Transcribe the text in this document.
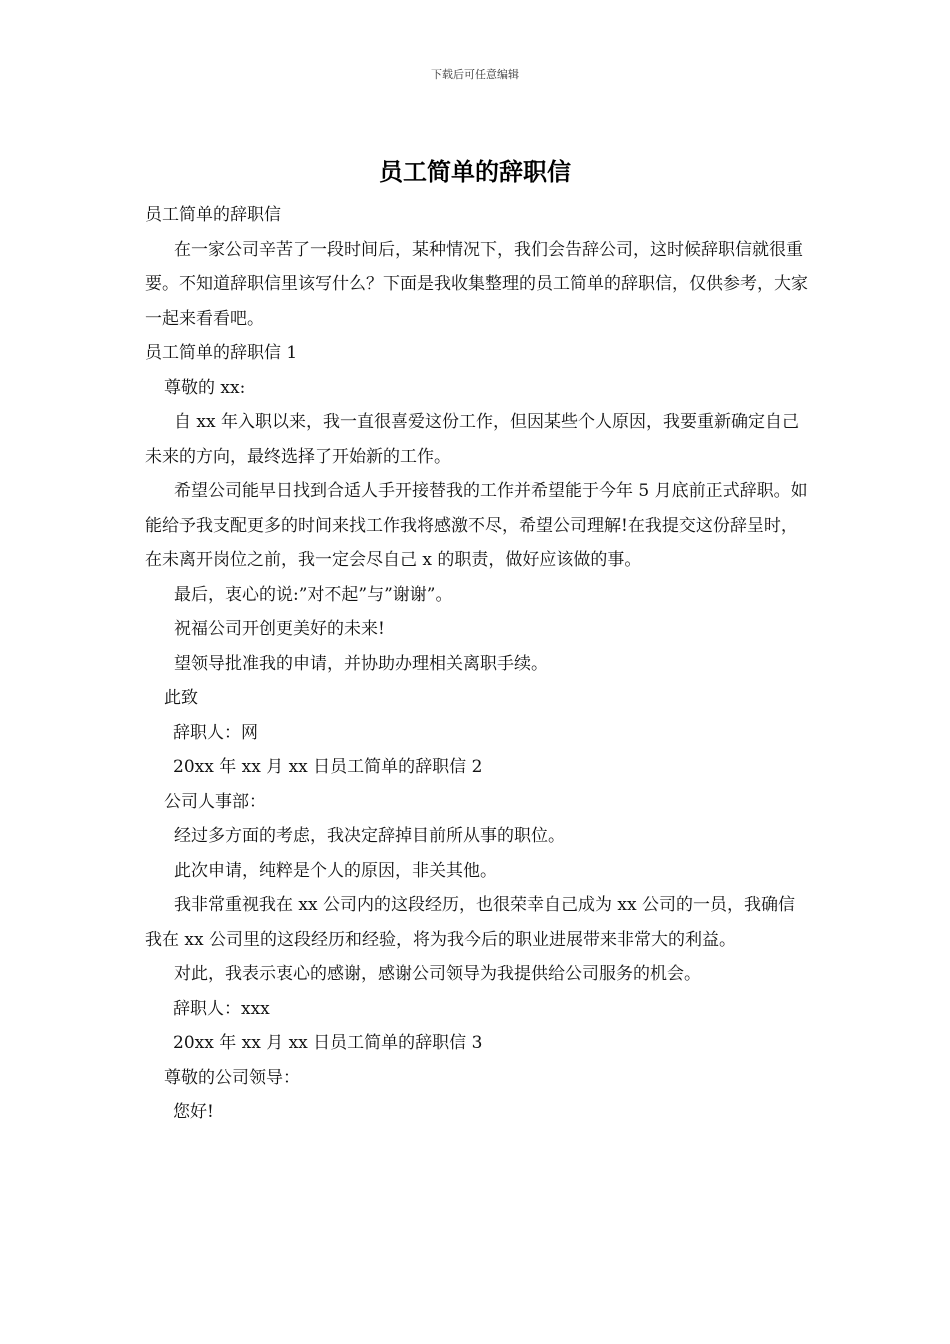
下载后可任意编辑
员工简单的辞职信

员工简单的辞职信

在一家公司辛苦了一段时间后，某种情况下，我们会告辞公司，这时候辞职信就很重要。不知道辞职信里该写什么？下面是我收集整理的员工简单的辞职信，仅供参考，大家一起来看看吧。

员工简单的辞职信 1

尊敬的 xx:

自 xx 年入职以来，我一直很喜爱这份工作，但因某些个人原因，我要重新确定自己未来的方向，最终选择了开始新的工作。

希望公司能早日找到合适人手开接替我的工作并希望能于今年 5 月底前正式辞职。如能给予我支配更多的时间来找工作我将感激不尽，希望公司理解!在我提交这份辞呈时，在未离开岗位之前，我一定会尽自己 x 的职责，做好应该做的事。

最后，衷心的说:”对不起”与”谢谢”。

祝福公司开创更美好的未来!

望领导批准我的申请，并协助办理相关离职手续。

此致

辞职人：网

20xx 年 xx 月 xx 日员工简单的辞职信 2

公司人事部：

经过多方面的考虑，我决定辞掉目前所从事的职位。

此次申请，纯粹是个人的原因，非关其他。

我非常重视我在 xx 公司内的这段经历，也很荣幸自己成为 xx 公司的一员，我确信我在 xx 公司里的这段经历和经验，将为我今后的职业进展带来非常大的利益。

对此，我表示衷心的感谢，感谢公司领导为我提供给公司服务的机会。

辞职人：xxx

20xx 年 xx 月 xx 日员工简单的辞职信 3

尊敬的公司领导：

您好!
